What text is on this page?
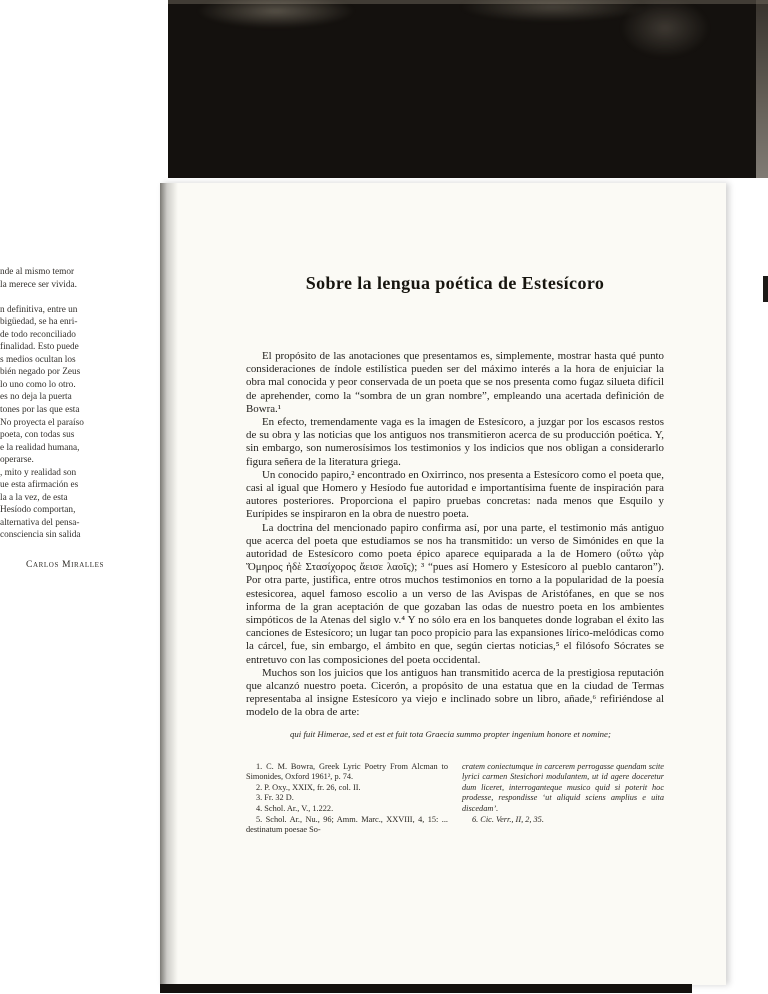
nde al mismo temor
la merece ser vivida.
n definitiva, entre un
bigüedad, se ha enri-
de todo reconciliado
finalidad. Esto puede
s medios ocultan los
bién negado por Zeus
lo uno como lo otro.
es no deja la puerta
tones por las que esta
No proyecta el paraíso
poeta, con todas sus
e la realidad humana,
operarse.
, mito y realidad son
ue esta afirmación es
la a la vez, de esta
Hesíodo comportan,
alternativa del pensa-
consciencia sin salida
Carlos Miralles
Sobre la lengua poética de Estesícoro
El propósito de las anotaciones que presentamos es, simplemente, mostrar hasta qué punto consideraciones de índole estilística pueden ser del máximo interés a la hora de enjuiciar la obra mal conocida y peor conservada de un poeta que se nos presenta como fugaz silueta difícil de aprehender, como la “sombra de un gran nombre”, empleando una acertada definición de Bowra.¹
En efecto, tremendamente vaga es la imagen de Estesícoro, a juzgar por los escasos restos de su obra y las noticias que los antiguos nos transmitieron acerca de su producción poética. Y, sin embargo, son numerosísimos los testimonios y los indicios que nos obligan a considerarlo figura señera de la literatura griega.
Un conocido papiro,² encontrado en Oxirrinco, nos presenta a Estesícoro como el poeta que, casi al igual que Homero y Hesíodo fue autoridad e importantísima fuente de inspiración para autores posteriores. Proporciona el papiro pruebas concretas: nada menos que Esquilo y Eurípides se inspiraron en la obra de nuestro poeta.
La doctrina del mencionado papiro confirma así, por una parte, el testimonio más antiguo que acerca del poeta que estudiamos se nos ha transmitido: un verso de Simónides en que la autoridad de Estesícoro como poeta épico aparece equiparada a la de Homero (οὕτω γὰρ Ὅμηρος ἠδὲ Στασίχορος ἄεισε λαοῖς); ³ “pues así Homero y Estesícoro al pueblo cantaron”). Por otra parte, justifica, entre otros muchos testimonios en torno a la popularidad de la poesía estesicorea, aquel famoso escolio a un verso de las Avispas de Aristófanes, en que se nos informa de la gran aceptación de que gozaban las odas de nuestro poeta en los ambientes simpóticos de la Atenas del siglo v.⁴ Y no sólo era en los banquetes donde lograban el éxito las canciones de Estesícoro; un lugar tan poco propicio para las expansiones lírico-melódicas como la cárcel, fue, sin embargo, el ámbito en que, según ciertas noticias,⁵ el filósofo Sócrates se entretuvo con las composiciones del poeta occidental.
Muchos son los juicios que los antiguos han transmitido acerca de la prestigiosa reputación que alcanzó nuestro poeta. Cicerón, a propósito de una estatua que en la ciudad de Termas representaba al insigne Estesícoro ya viejo e inclinado sobre un libro, añade,⁶ refiriéndose al modelo de la obra de arte:
qui fuit Himerae, sed et est et fuit tota Graecia summo propter ingenium honore et nomine;
1. C. M. Bowra, Greek Lyric Poetry From Alcman to Simonides, Oxford 1961², p. 74.
2. P. Oxy., XXIX, fr. 26, col. II.
3. Fr. 32 D.
4. Schol. Ar., V., 1.222.
5. Schol. Ar., Nu., 96; Amm. Marc., XXVIII, 4, 15: ... destinatum poesae So-
cratem coniectumque in carcerem perrogasse quendam scite lyrici carmen Stesichori modulantem, ut id agere doceretur dum liceret, interroganteque musico quid si poterit hoc prodesse, respondisse ‘ut aliquid sciens amplius e uita discedam’.
6. Cic. Verr., II, 2, 35.
